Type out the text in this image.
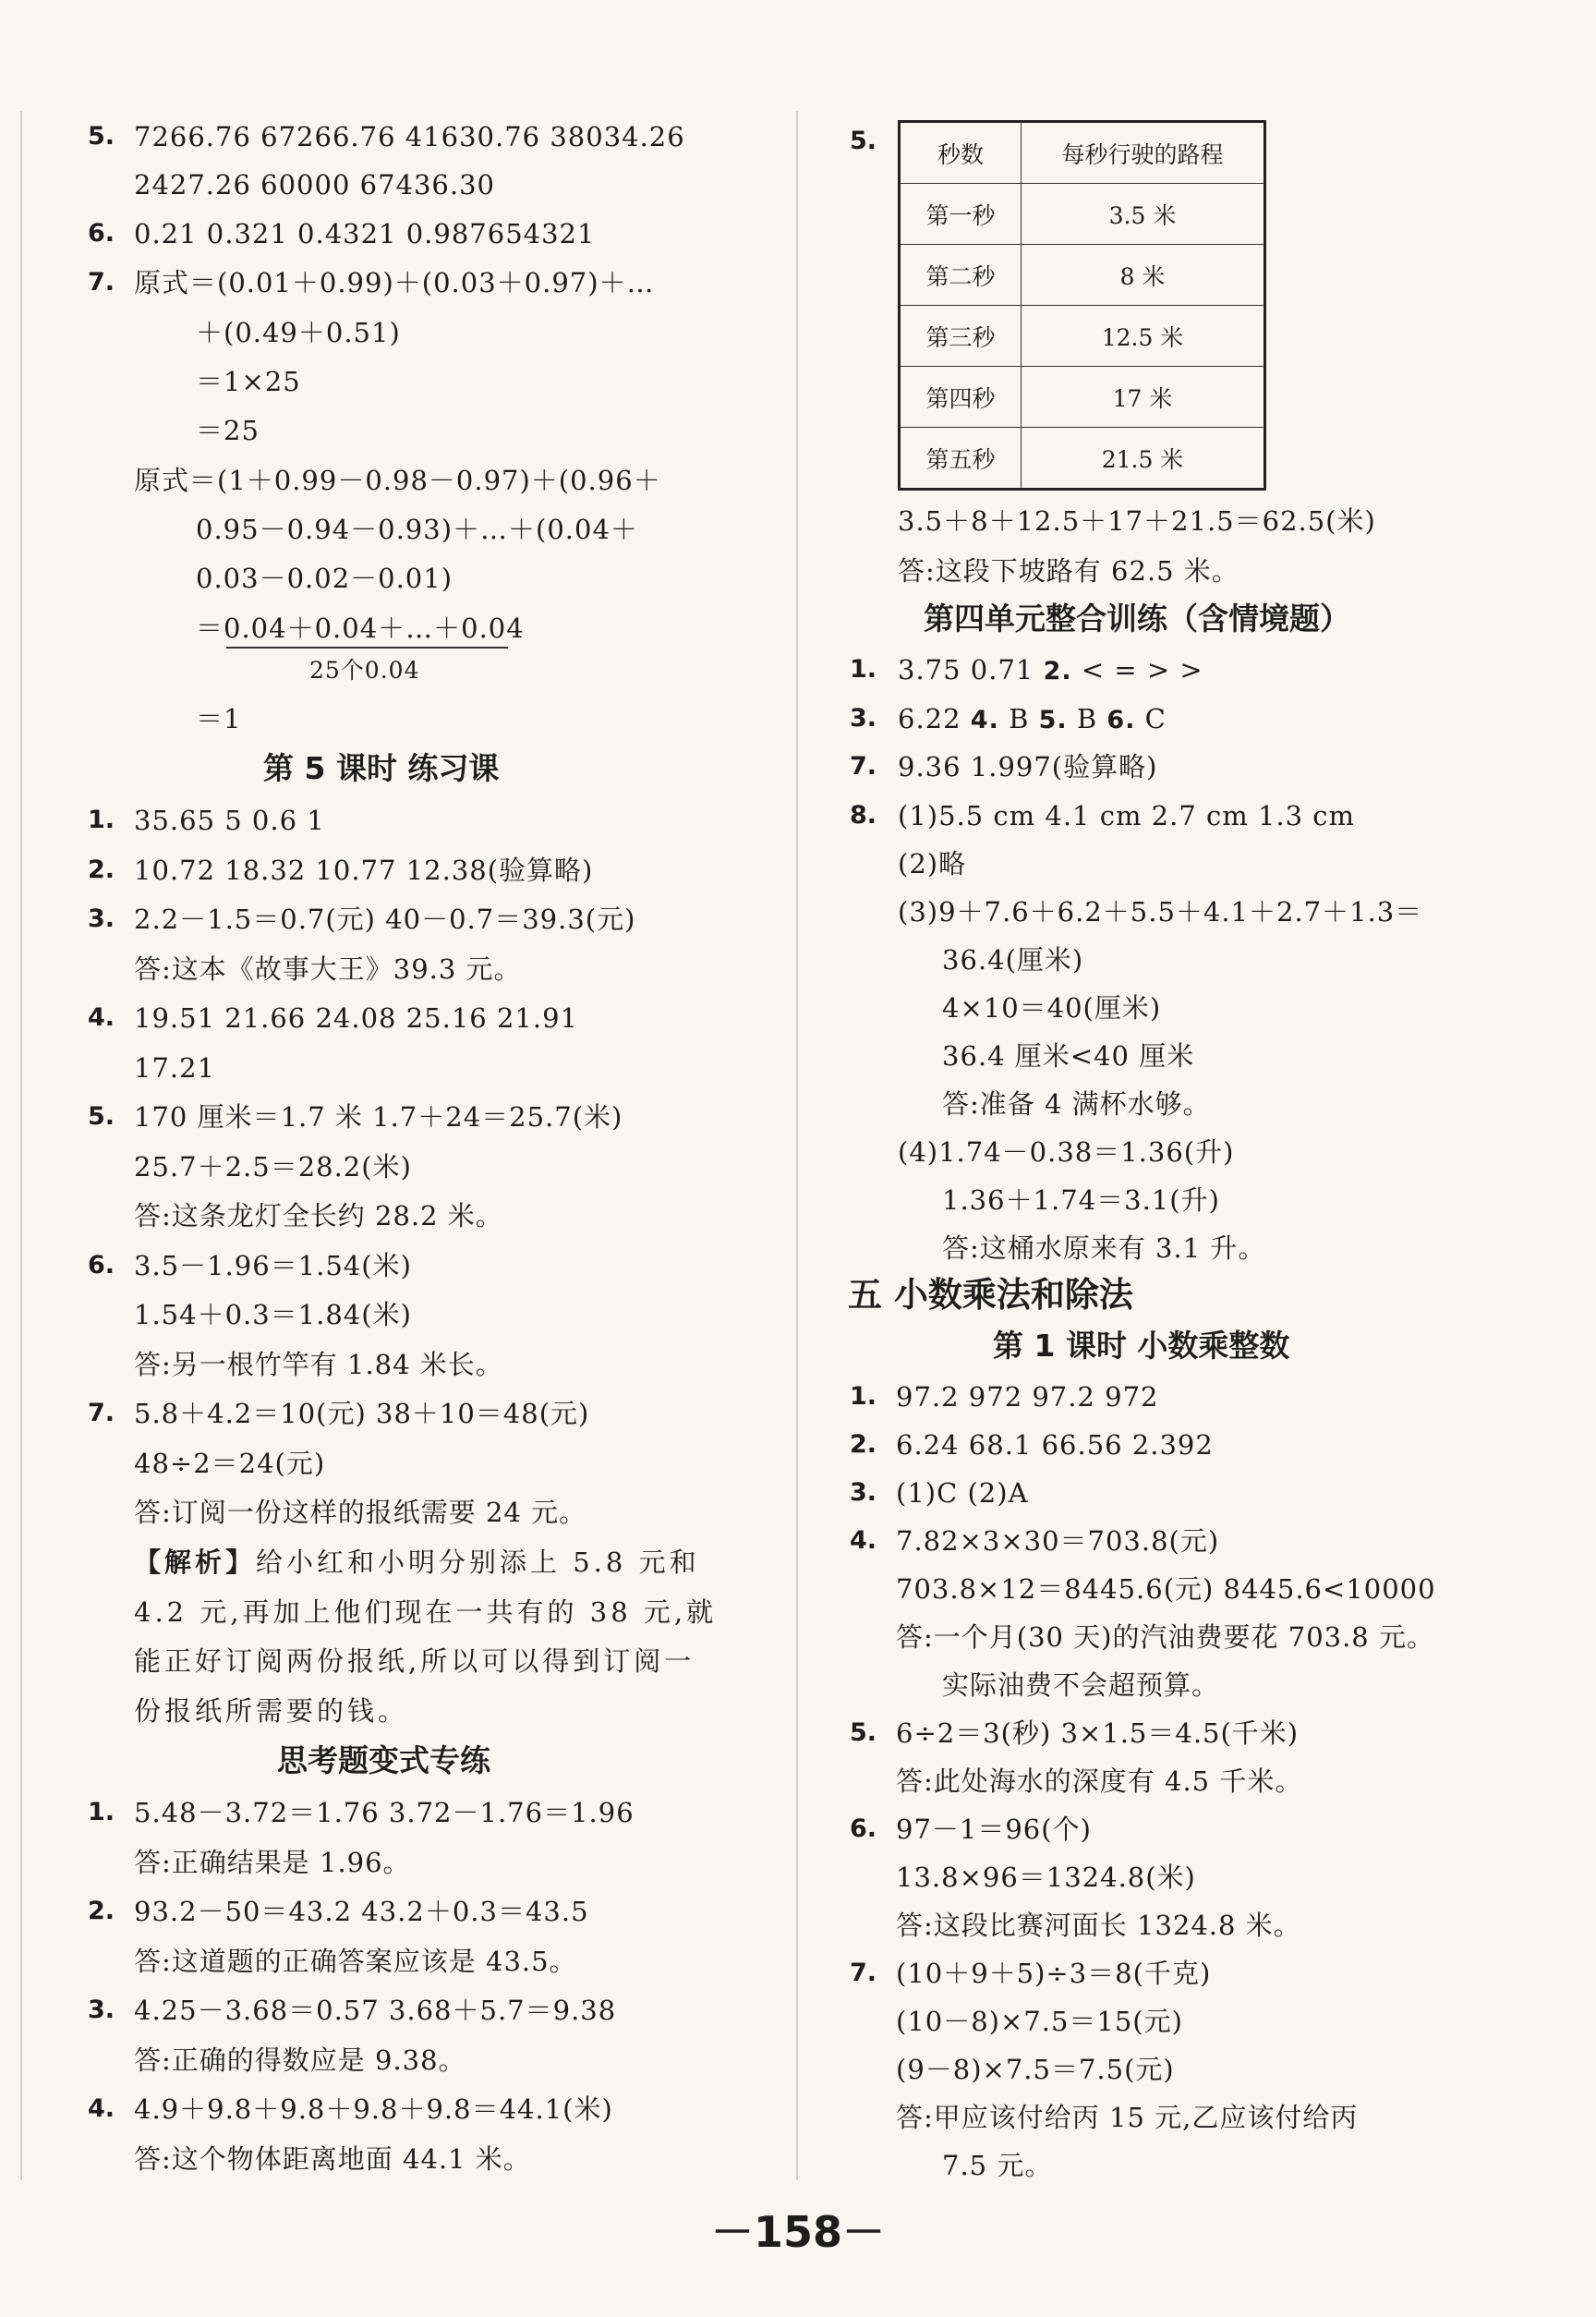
5. 7266.76 67266.76 41630.76 38034.26
2427.26 60000 67436.30
6. 0.21 0.321 0.4321 0.987654321
7. 原式＝(0.01＋0.99)＋(0.03＋0.97)＋…
＋(0.49＋0.51)
＝1×25
＝25
原式＝(1＋0.99－0.98－0.97)＋(0.96＋
0.95－0.94－0.93)＋…＋(0.04＋
0.03－0.02－0.01)
＝0.04＋0.04＋…＋0.04
25个0.04
＝1
第 5 课时 练习课
1. 35.65 5 0.6 1
2. 10.72 18.32 10.77 12.38(验算略)
3. 2.2－1.5＝0.7(元) 40－0.7＝39.3(元)
答:这本《故事大王》39.3 元。
4. 19.51 21.66 24.08 25.16 21.91
17.21
5. 170 厘米＝1.7 米 1.7＋24＝25.7(米)
25.7＋2.5＝28.2(米)
答:这条龙灯全长约 28.2 米。
6. 3.5－1.96＝1.54(米)
1.54＋0.3＝1.84(米)
答:另一根竹竿有 1.84 米长。
7. 5.8＋4.2＝10(元) 38＋10＝48(元)
48÷2＝24(元)
答:订阅一份这样的报纸需要 24 元。
【解析】给小红和小明分别添上 5.8 元和
4.2 元,再加上他们现在一共有的 38 元,就
能正好订阅两份报纸,所以可以得到订阅一
份报纸所需要的钱。
思考题变式专练
1. 5.48－3.72＝1.76 3.72－1.76＝1.96
答:正确结果是 1.96。
2. 93.2－50＝43.2 43.2＋0.3＝43.5
答:这道题的正确答案应该是 43.5。
3. 4.25－3.68＝0.57 3.68＋5.7＝9.38
答:正确的得数应是 9.38。
4. 4.9＋9.8＋9.8＋9.8＋9.8＝44.1(米)
答:这个物体距离地面 44.1 米。
5.	秒数	每秒行驶的路程
第一秒	3.5 米
第二秒	8 米
第三秒	12.5 米
第四秒	17 米
第五秒	21.5 米
3.5＋8＋12.5＋17＋21.5＝62.5(米)
答:这段下坡路有 62.5 米。
第四单元整合训练（含情境题）
1. 3.75 0.71 2. < = > >
3. 6.22 4. B 5. B 6. C
7. 9.36 1.997(验算略)
8. (1)5.5 cm 4.1 cm 2.7 cm 1.3 cm
(2)略
(3)9＋7.6＋6.2＋5.5＋4.1＋2.7＋1.3＝
36.4(厘米)
4×10＝40(厘米)
36.4 厘米<40 厘米
答:准备 4 满杯水够。
(4)1.74－0.38＝1.36(升)
1.36＋1.74＝3.1(升)
答:这桶水原来有 3.1 升。
五 小数乘法和除法
第 1 课时 小数乘整数
1. 97.2 972 97.2 972
2. 6.24 68.1 66.56 2.392
3. (1)C (2)A
4. 7.82×3×30＝703.8(元)
703.8×12＝8445.6(元) 8445.6<10000
答:一个月(30 天)的汽油费要花 703.8 元。
实际油费不会超预算。
5. 6÷2＝3(秒) 3×1.5＝4.5(千米)
答:此处海水的深度有 4.5 千米。
6. 97－1＝96(个)
13.8×96＝1324.8(米)
答:这段比赛河面长 1324.8 米。
7. (10＋9＋5)÷3＝8(千克)
(10－8)×7.5＝15(元)
(9－8)×7.5＝7.5(元)
答:甲应该付给丙 15 元,乙应该付给丙
7.5 元。
－158－
